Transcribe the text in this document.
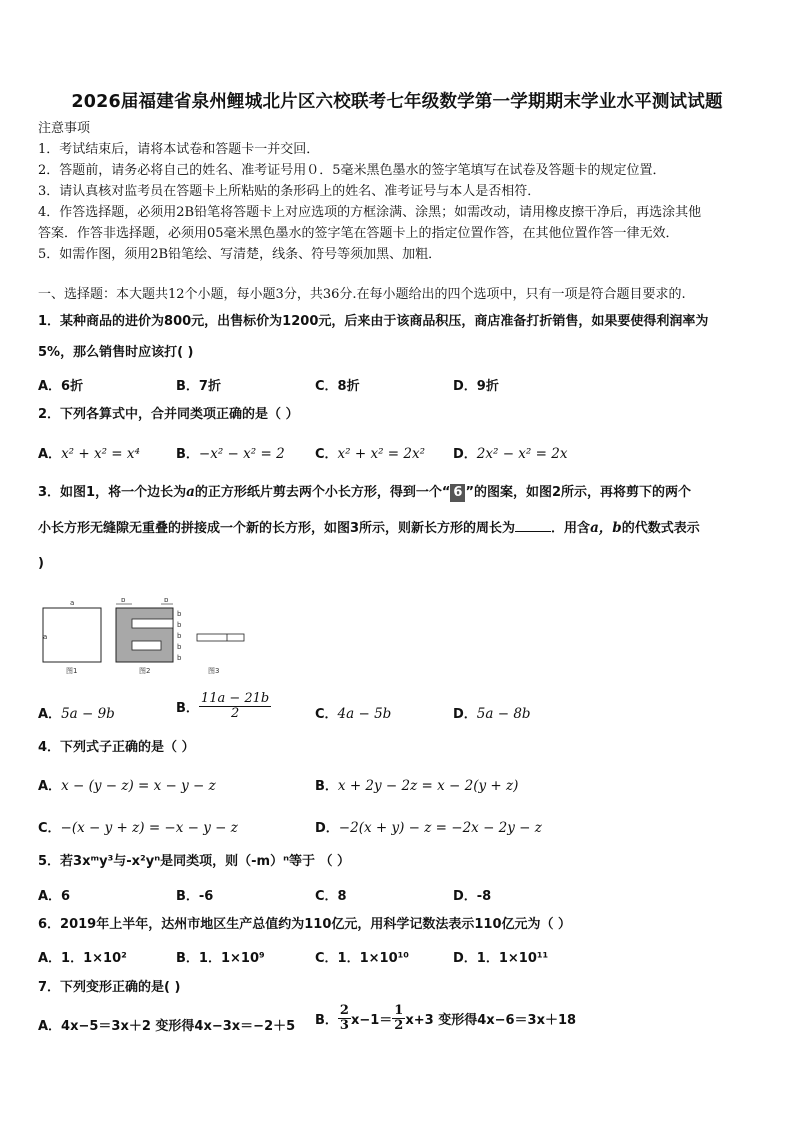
2026届福建省泉州鲤城北片区六校联考七年级数学第一学期期末学业水平测试试题
注意事项
1．考试结束后，请将本试卷和答题卡一并交回．
2．答题前，请务必将自己的姓名、准考证号用０．5毫米黑色墨水的签字笔填写在试卷及答题卡的规定位置．
3．请认真核对监考员在答题卡上所粘贴的条形码上的姓名、准考证号与本人是否相符．
4．作答选择题，必须用2B铅笔将答题卡上对应选项的方框涂满、涂黑；如需改动，请用橡皮擦干净后，再选涂其他
答案．作答非选择题，必须用05毫米黑色墨水的签字笔在答题卡上的指定位置作答，在其他位置作答一律无效．
5．如需作图，须用2B铅笔绘、写清楚，线条、符号等须加黑、加粗．
一、选择题：本大题共12个小题，每小题3分，共36分.在每小题给出的四个选项中，只有一项是符合题目要求的.
1．某种商品的进价为800元，出售标价为1200元，后来由于该商品积压，商店准备打折销售，如果要使得利润率为
5%，那么销售时应该打( )
A．6折	B．7折	C．8折	D．9折
2．下列各算式中，合并同类项正确的是（ ）
A．x² + x² = x⁴	B．−x² − x² = 2 C．x² + x² = 2x² D．2x² − x² = 2x
3．如图1，将一个边长为a的正方形纸片剪去两个小长方形，得到一个“ 6 ”的图案，如图2所示，再将剪下的两个
小长方形无缝隙无重叠的拼接成一个新的长方形，如图3所示，则新长方形的周长为	．用含a，b的代数式表示
)
a
a
图1
b	b
b
b
b
b
b
图2	图3
A．5a − 9b	B． $\frac{11a - 21b}{2}$	C．4a − 5b	D．5a − 8b
4．下列式子正确的是（ ）
A．x − (y − z) = x − y − z	B．x + 2y − 2z = x − 2(y + z)
C．−(x − y + z) = −x − y − z	D．−2(x + y) − z = −2x − 2y − z
5．若3xᵐy³与-x²yⁿ是同类项，则（-m）ⁿ等于 （ ）
A．6	B．-6	C．8	D．-8
6．2019年上半年，达州市地区生产总值约为110亿元，用科学记数法表示110亿元为（ ）
A．1．1×10²	B．1．1×10⁹	C．1．1×10¹⁰	D．1．1×10¹¹
7．下列变形正确的是( )
A．4x−5＝3x＋2 变形得4x−3x＝−2＋5 B． $\frac{2}{3} x-1= \frac{1}{2} x+3$ 变形得4x−6＝3x＋18
